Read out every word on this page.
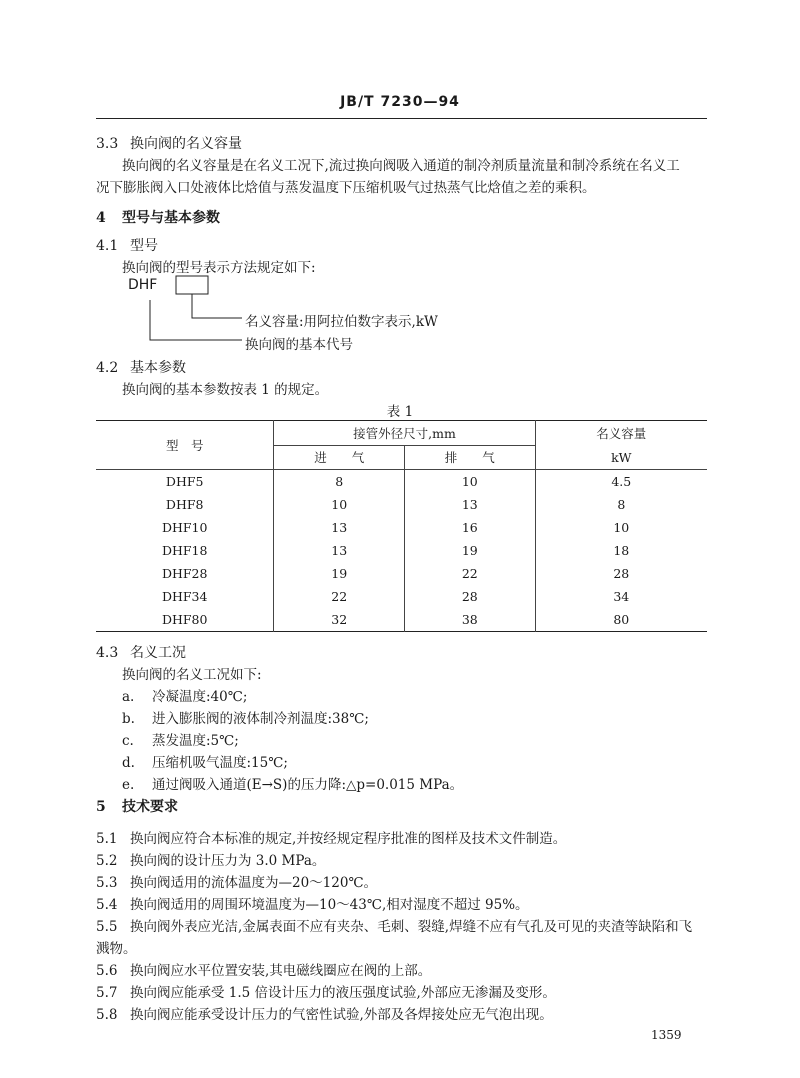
JB/T 7230—94
3.3 换向阀的名义容量
换向阀的名义容量是在名义工况下,流过换向阀吸入通道的制冷剂质量流量和制冷系统在名义工
况下膨胀阀入口处液体比焓值与蒸发温度下压缩机吸气过热蒸气比焓值之差的乘积。
4 型号与基本参数
4.1 型号
换向阀的型号表示方法规定如下:
DHF
名义容量:用阿拉伯数字表示,kW
换向阀的基本代号
4.2 基本参数
换向阀的基本参数按表 1 的规定。
表 1
型　号	接管外径尺寸,mm		名义容量
	进　　气	排　　气	kW
DHF5	8	10	4.5
DHF8	10	13	8
DHF10	13	16	10
DHF18	13	19	18
DHF28	19	22	28
DHF34	22	28	34
DHF80	32	38	80
4.3 名义工况
换向阀的名义工况如下:
a. 冷凝温度:40℃;
b. 进入膨胀阀的液体制冷剂温度:38℃;
c. 蒸发温度:5℃;
d. 压缩机吸气温度:15℃;
e. 通过阀吸入通道(E→S)的压力降:△p=0.015 MPa。
5 技术要求
5.1 换向阀应符合本标准的规定,并按经规定程序批准的图样及技术文件制造。
5.2 换向阀的设计压力为 3.0 MPa。
5.3 换向阀适用的流体温度为—20～120℃。
5.4 换向阀适用的周围环境温度为—10～43℃,相对湿度不超过 95%。
5.5 换向阀外表应光洁,金属表面不应有夹杂、毛刺、裂缝,焊缝不应有气孔及可见的夹渣等缺陷和飞
溅物。
5.6 换向阀应水平位置安装,其电磁线圈应在阀的上部。
5.7 换向阀应能承受 1.5 倍设计压力的液压强度试验,外部应无渗漏及变形。
5.8 换向阀应能承受设计压力的气密性试验,外部及各焊接处应无气泡出现。
1359
